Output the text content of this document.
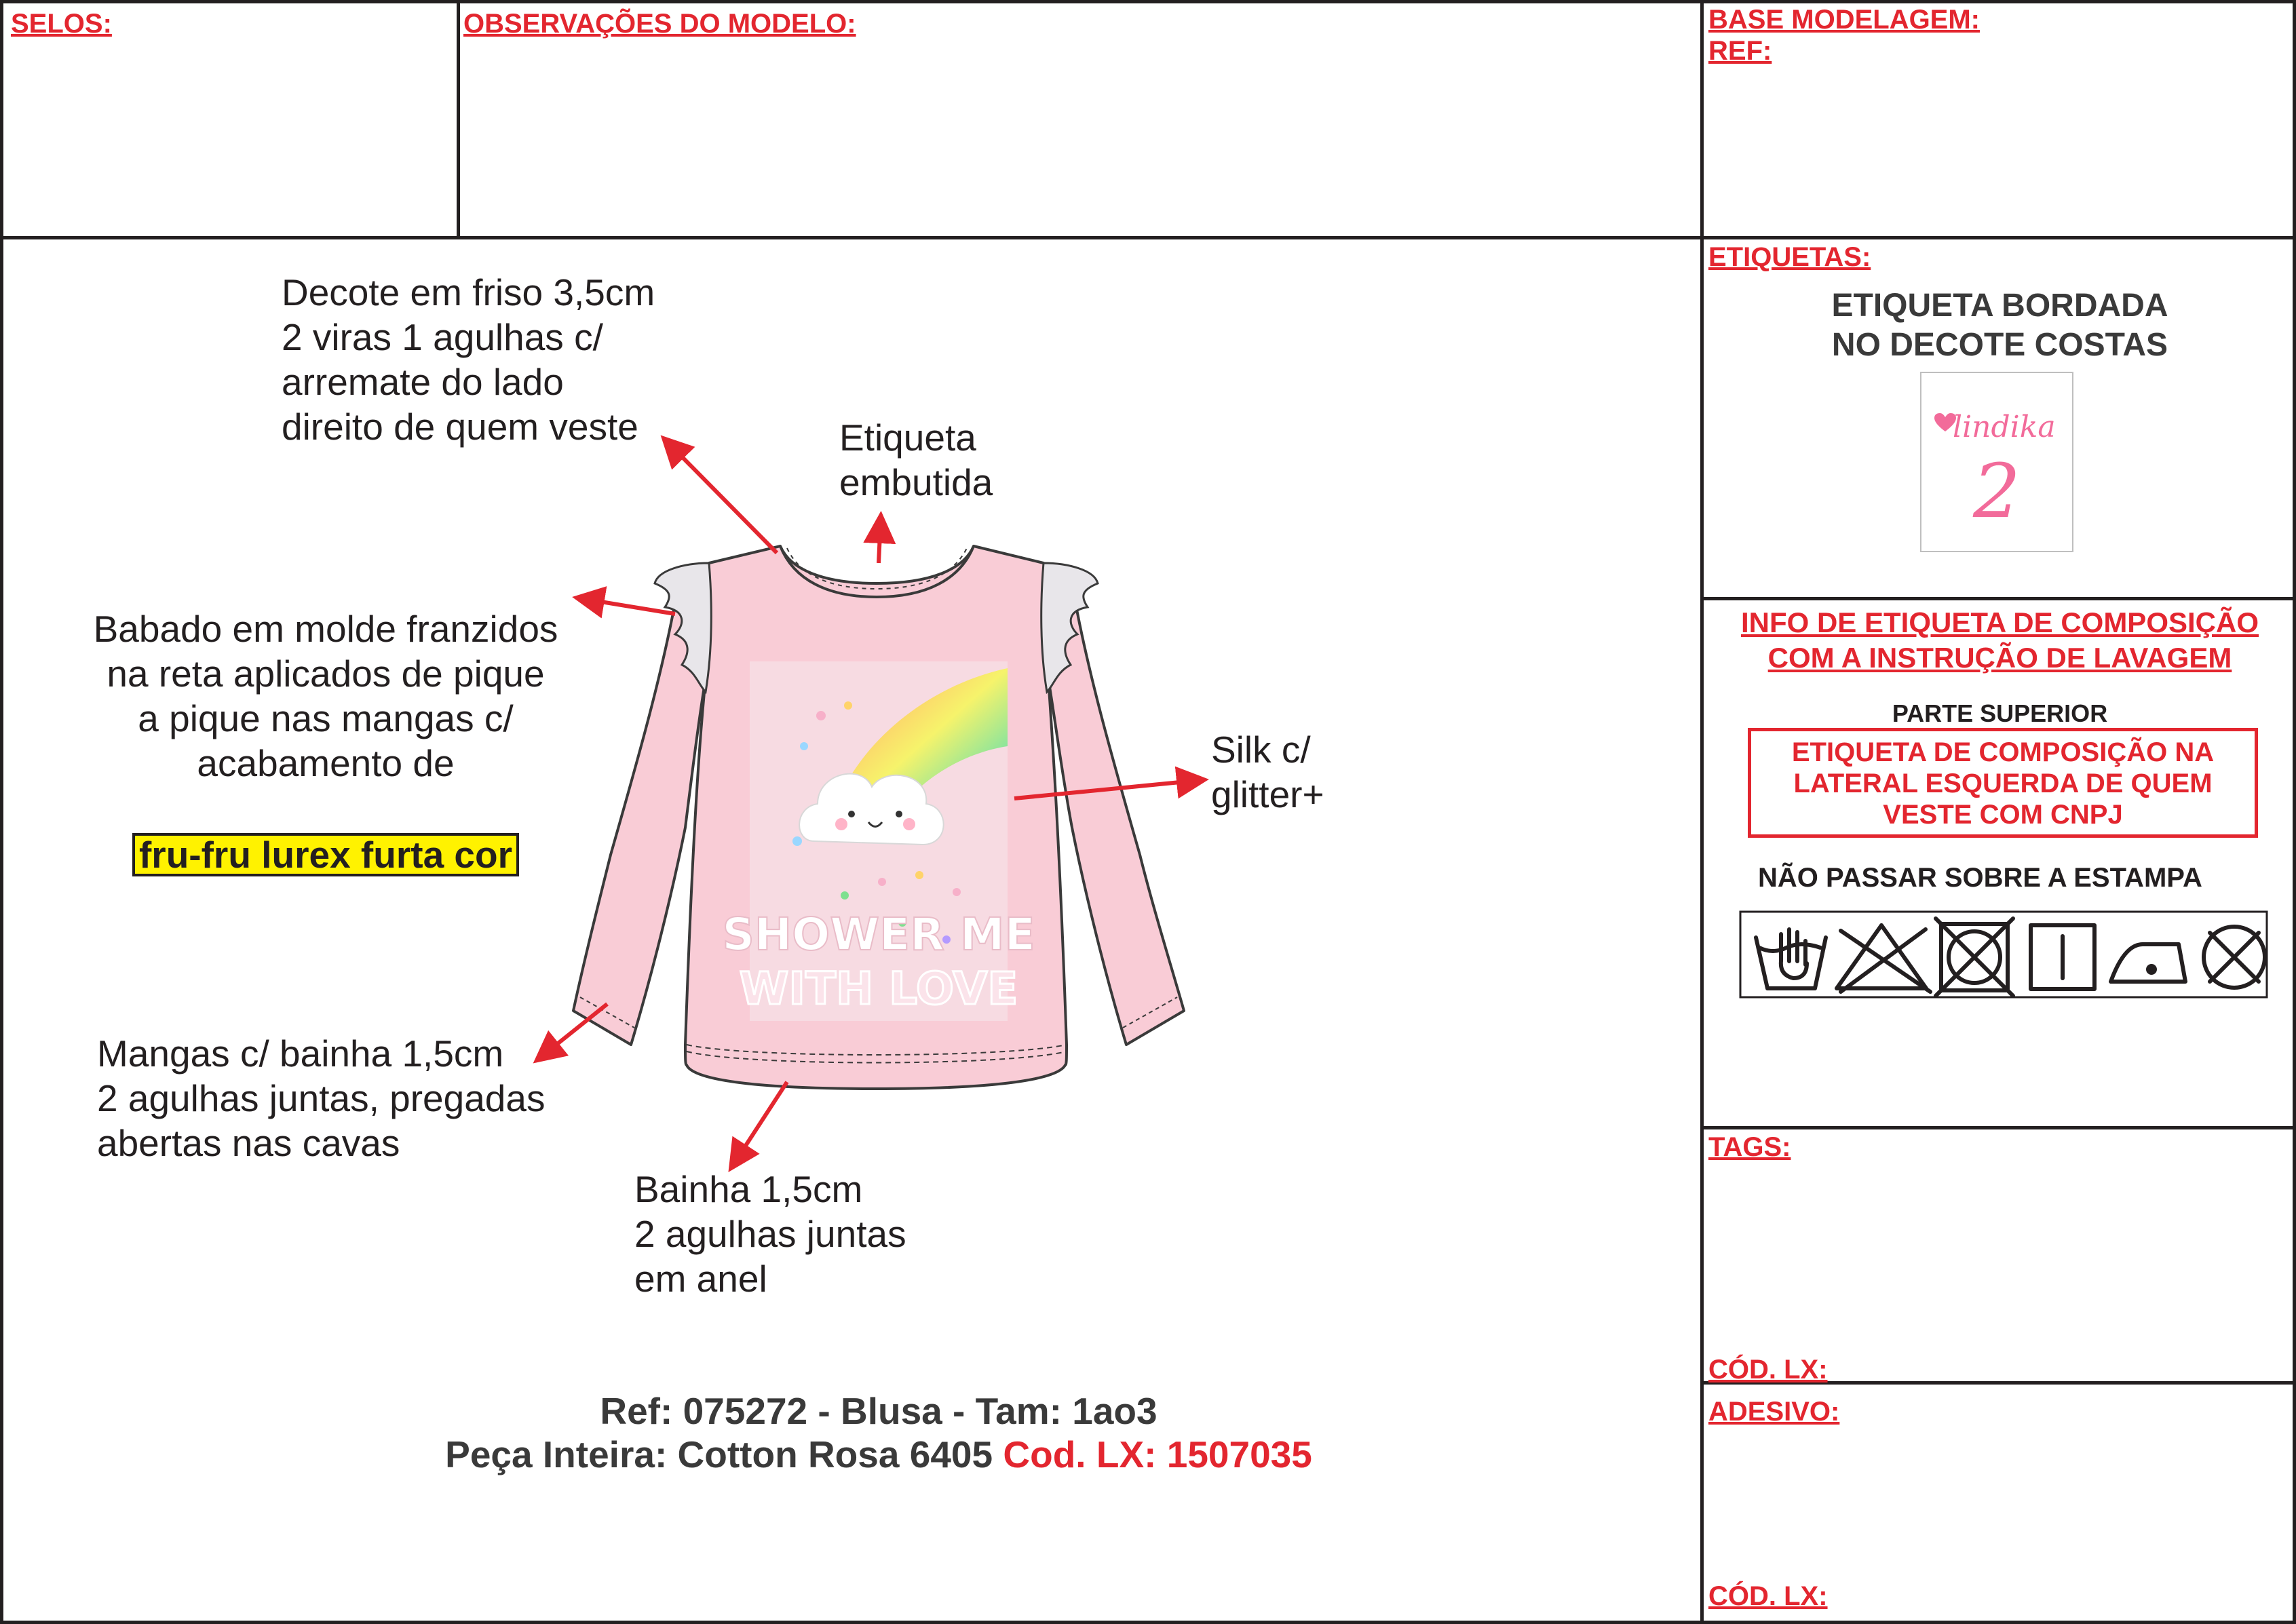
SELOS:	OBSERVAÇÕES DO MODELO:	BASE MODELAGEM:
REF:
SHOWER ME
WITH LOVE
Decote em friso 3,5cm
2 viras 1 agulhas c/
arremate do lado
direito de quem veste	Etiqueta
embutida

Babado em molde franzidos
na reta aplicados de pique
a pique nas mangas c/
acabamento de

fru-fru lurex furta cor

Silk c/
glitter+
Mangas c/ bainha 1,5cm
2 agulhas juntas, pregadas
abertas nas cavas
Bainha 1,5cm
2 agulhas juntas
em anel
Ref: 075272 - Blusa - Tam: 1ao3
Peça Inteira: Cotton Rosa 6405 Cod. LX: 1507035
ETIQUETAS:
ETIQUETA BORDADA
NO DECOTE COSTAS
lindika
2
INFO DE ETIQUETA DE COMPOSIÇÃO
COM A INSTRUÇÃO DE LAVAGEM
PARTE SUPERIOR
ETIQUETA DE COMPOSIÇÃO NA
LATERAL ESQUERDA DE QUEM
VESTE COM CNPJ
NÃO PASSAR SOBRE A ESTAMPA
TAGS:
CÓD. LX:
ADESIVO:
CÓD. LX:
